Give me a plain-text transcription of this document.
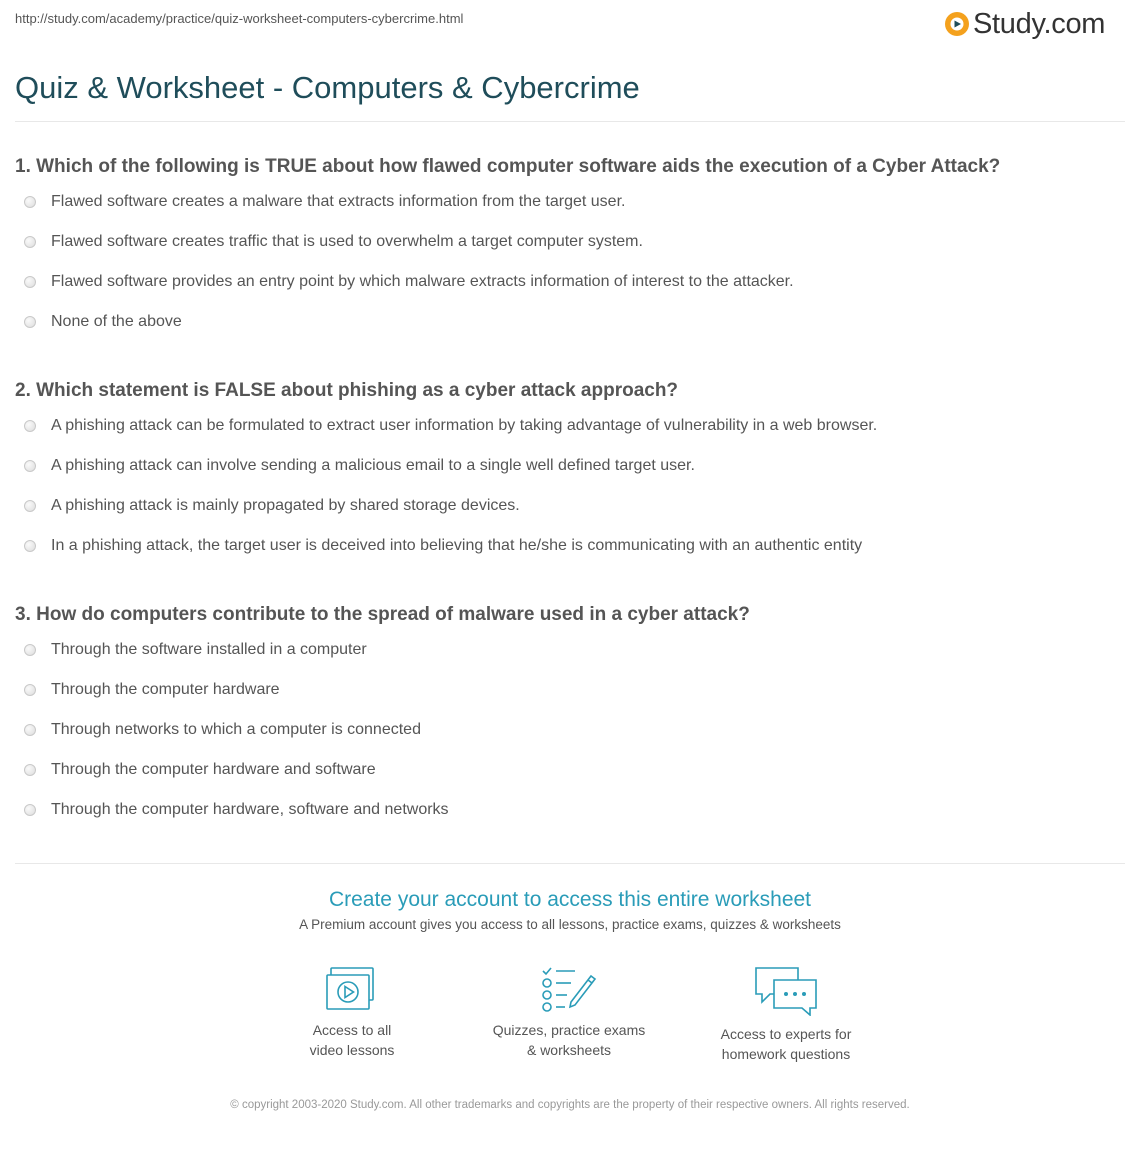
http://study.com/academy/practice/quiz-worksheet-computers-cybercrime.html	Study.com
Quiz & Worksheet - Computers & Cybercrime
1. Which of the following is TRUE about how flawed computer software aids the execution of a Cyber Attack?
Flawed software creates a malware that extracts information from the target user.
Flawed software creates traffic that is used to overwhelm a target computer system.
Flawed software provides an entry point by which malware extracts information of interest to the attacker.
None of the above
2. Which statement is FALSE about phishing as a cyber attack approach?
A phishing attack can be formulated to extract user information by taking advantage of vulnerability in a web browser.
A phishing attack can involve sending a malicious email to a single well defined target user.
A phishing attack is mainly propagated by shared storage devices.
In a phishing attack, the target user is deceived into believing that he/she is communicating with an authentic entity
3. How do computers contribute to the spread of malware used in a cyber attack?
Through the software installed in a computer
Through the computer hardware
Through networks to which a computer is connected
Through the computer hardware and software
Through the computer hardware, software and networks

Create your account to access this entire worksheet

A Premium account gives you access to all lessons, practice exams, quizzes & worksheets

Access to all
video lessons
Quizzes, practice exams
& worksheets
Access to experts for
homework questions
© copyright 2003-2020 Study.com. All other trademarks and copyrights are the property of their respective owners. All rights reserved.
